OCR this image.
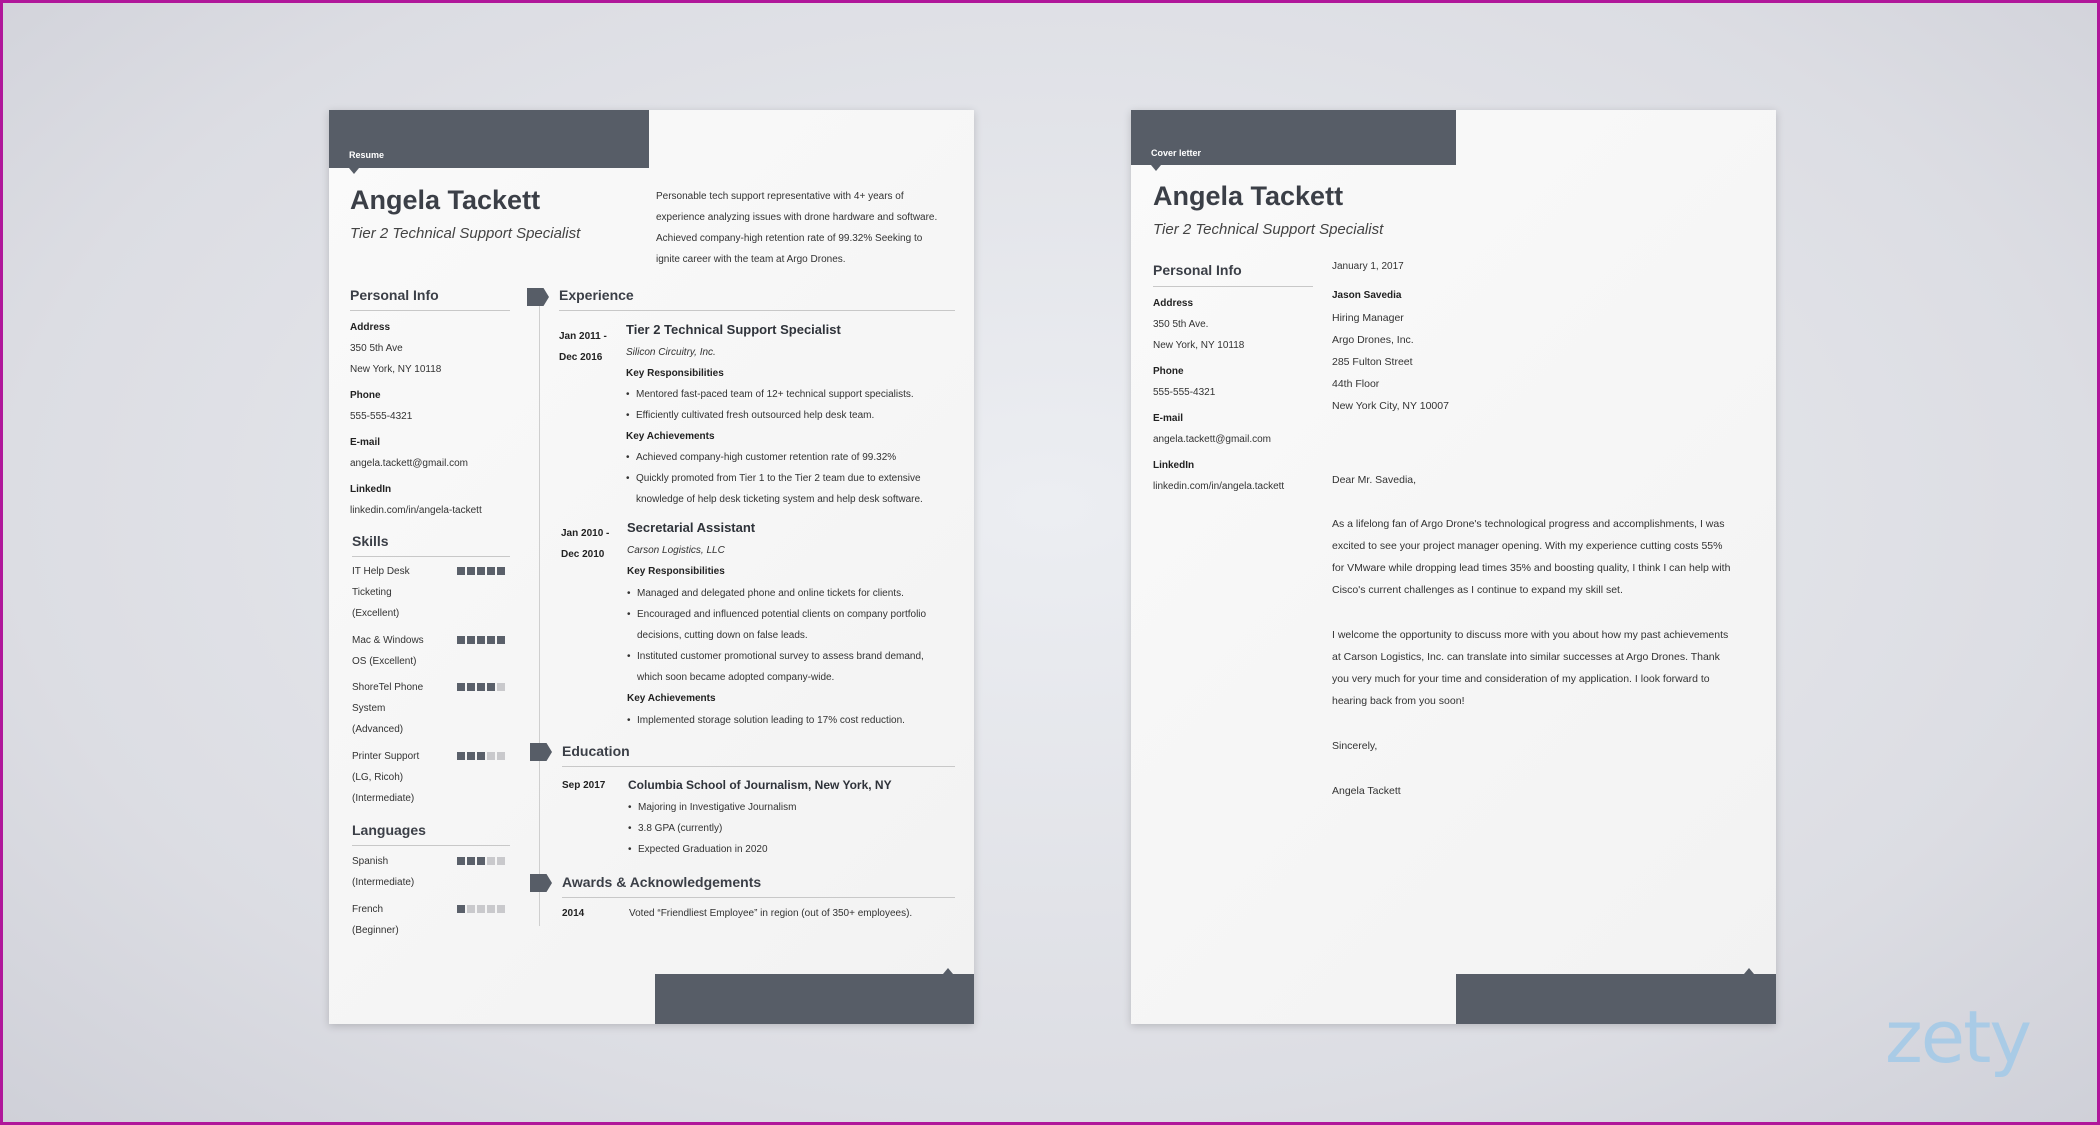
Resume
Angela Tackett
Tier 2 Technical Support Specialist
Personable tech support representative with 4+ years of
experience analyzing issues with drone hardware and software.
Achieved company-high retention rate of 99.32% Seeking to
ignite career with the team at Argo Drones.
Personal Info
Address
350 5th Ave
New York, NY 10118
Phone
555-555-4321
E-mail
angela.tackett@gmail.com
LinkedIn
linkedin.com/in/angela-tackett
Skills
IT Help Desk
Ticketing
(Excellent)
Mac & Windows
OS (Excellent)
ShoreTel Phone
System
(Advanced)
Printer Support
(LG, Ricoh)
(Intermediate)
Languages
Spanish
(Intermediate)
French
(Beginner)
Experience
Jan 2011 -
Dec 2016
Tier 2 Technical Support Specialist
Silicon Circuitry, Inc.
Key Responsibilities
• Mentored fast-paced team of 12+ technical support specialists.
• Efficiently cultivated fresh outsourced help desk team.
Key Achievements
• Achieved company-high customer retention rate of 99.32%
• Quickly promoted from Tier 1 to the Tier 2 team due to extensive
knowledge of help desk ticketing system and help desk software.
Jan 2010 -
Dec 2010
Secretarial Assistant
Carson Logistics, LLC
Key Responsibilities
• Managed and delegated phone and online tickets for clients.
• Encouraged and influenced potential clients on company portfolio
decisions, cutting down on false leads.
• Instituted customer promotional survey to assess brand demand,
which soon became adopted company-wide.
Key Achievements
• Implemented storage solution leading to 17% cost reduction.
Education
Sep 2017 Columbia School of Journalism, New York, NY
• Majoring in Investigative Journalism
• 3.8 GPA (currently)
• Expected Graduation in 2020
Awards & Acknowledgements
2014	Voted “Friendliest Employee” in region (out of 350+ employees).
Cover letter
Angela Tackett
Tier 2 Technical Support Specialist
Personal Info
Address
350 5th Ave.
New York, NY 10118
Phone
555-555-4321
E-mail
angela.tackett@gmail.com
LinkedIn
linkedin.com/in/angela.tackett
January 1, 2017
Jason Savedia
Hiring Manager
Argo Drones, Inc.
285 Fulton Street
44th Floor
New York City, NY 10007
Dear Mr. Savedia,
As a lifelong fan of Argo Drone's technological progress and accomplishments, I was
excited to see your project manager opening. With my experience cutting costs 55%
for VMware while dropping lead times 35% and boosting quality, I think I can help with
Cisco's current challenges as I continue to expand my skill set.
I welcome the opportunity to discuss more with you about how my past achievements
at Carson Logistics, Inc. can translate into similar successes at Argo Drones. Thank
you very much for your time and consideration of my application. I look forward to
hearing back from you soon!
Sincerely,
Angela Tackett
zety
